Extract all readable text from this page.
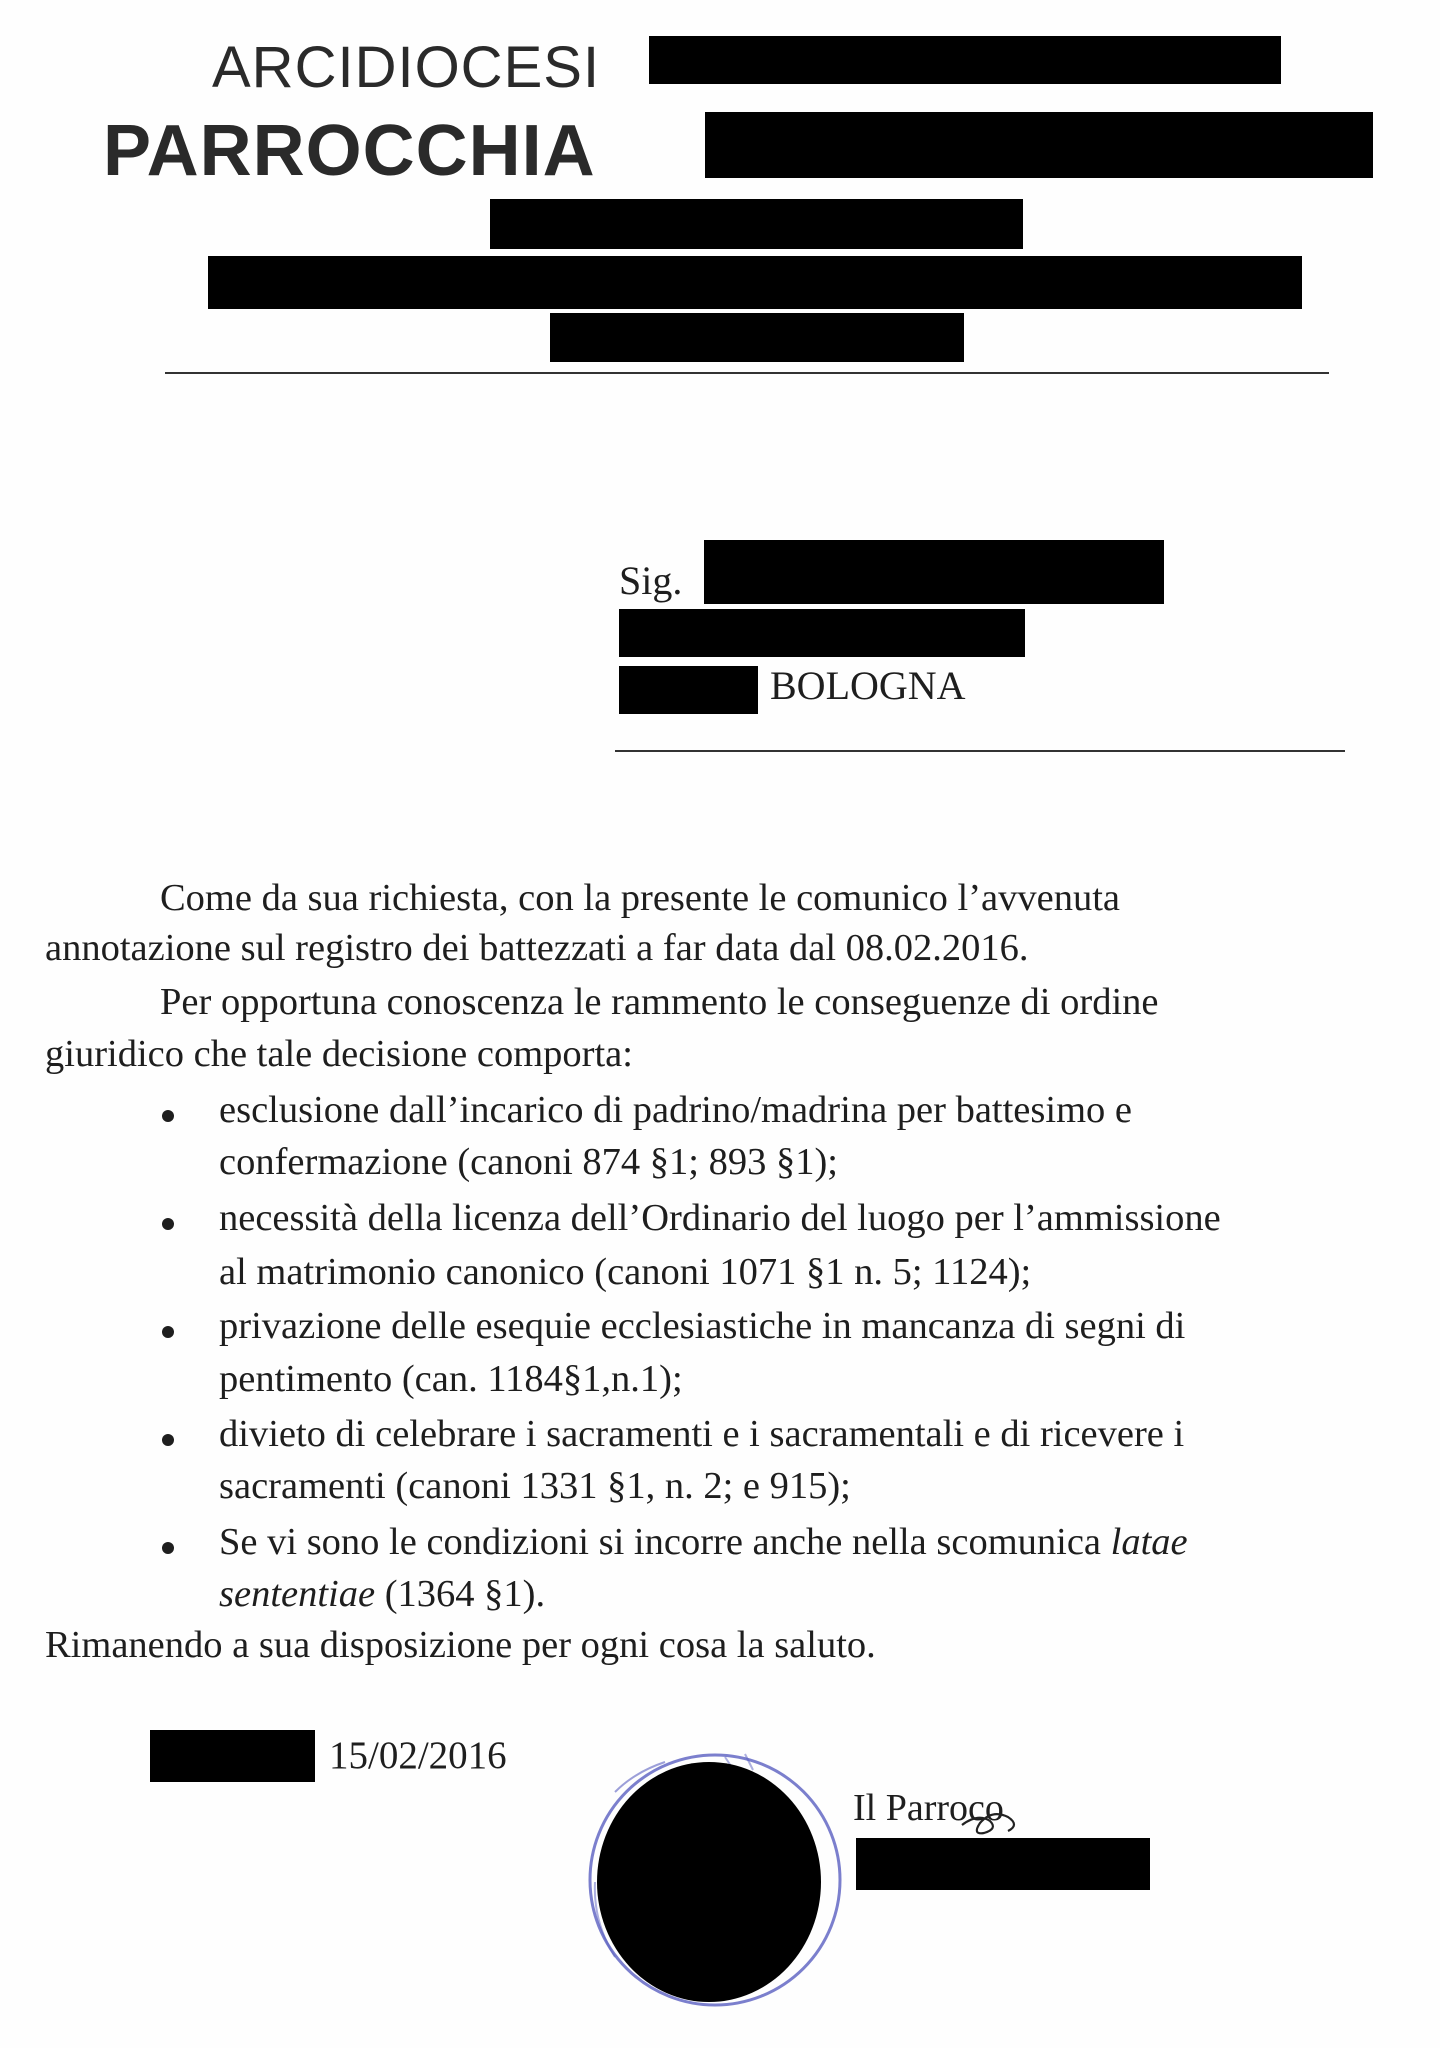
ARCIDIOCESI
PARROCCHIA
Sig.
BOLOGNA
Come da sua richiesta, con la presente le comunico l’avvenuta
annotazione sul registro dei battezzati a far data dal 08.02.2016.
Per opportuna conoscenza le rammento le conseguenze di ordine
giuridico che tale decisione comporta:
esclusione dall’incarico di padrino/madrina per battesimo e
confermazione (canoni 874 §1; 893 §1);
necessità della licenza dell’Ordinario del luogo per l’ammissione
al matrimonio canonico (canoni 1071 §1 n. 5; 1124);
privazione delle esequie ecclesiastiche in mancanza di segni di
pentimento (can. 1184§1,n.1);
divieto di celebrare i sacramenti e i sacramentali e di ricevere i
sacramenti (canoni 1331 §1, n. 2; e 915);
Se vi sono le condizioni si incorre anche nella scomunica latae
sententiae (1364 §1).
Rimanendo a sua disposizione per ogni cosa la saluto.
15/02/2016
Il Parroco
